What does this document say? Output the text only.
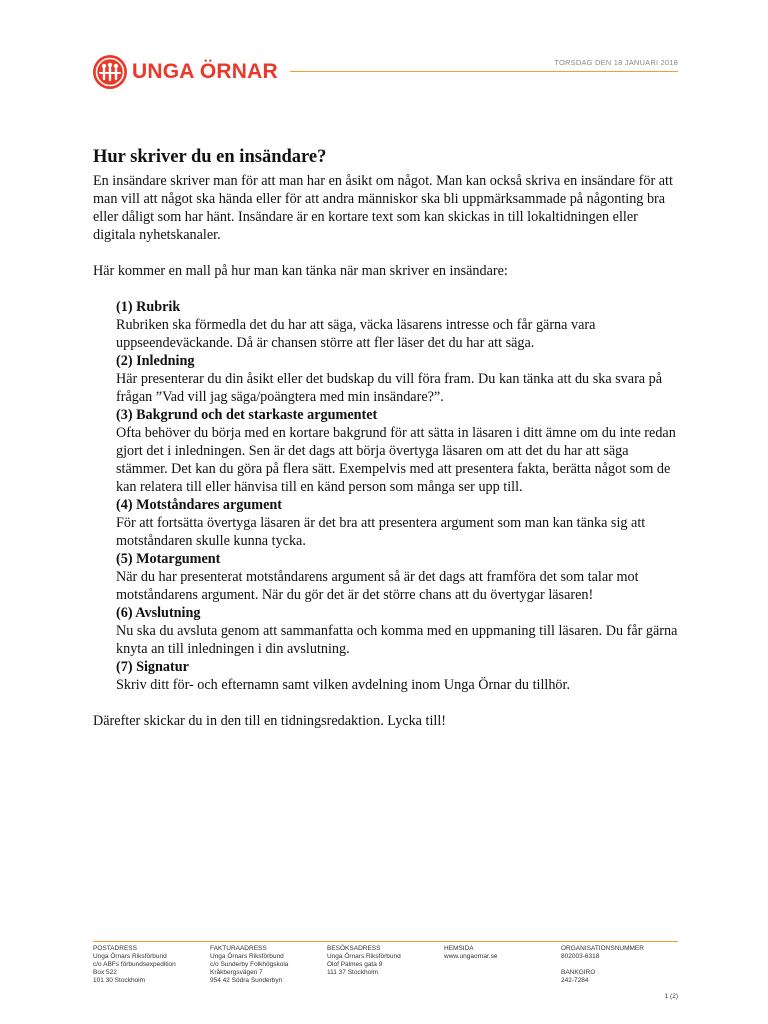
UNGA ÖRNAR	TORSDAG DEN 18 JANUARI 2018
Hur skriver du en insändare?

En insändare skriver man för att man har en åsikt om något. Man kan också skriva en insändare för att man vill att något ska hända eller för att andra människor ska bli uppmärksammade på någonting bra eller dåligt som har hänt. Insändare är en kortare text som kan skickas in till lokaltidningen eller digitala nyhetskanaler.

Här kommer en mall på hur man kan tänka när man skriver en insändare:

(1) Rubrik
Rubriken ska förmedla det du har att säga, väcka läsarens intresse och får gärna vara uppseendeväckande. Då är chansen större att fler läser det du har att säga.
(2) Inledning
Här presenterar du din åsikt eller det budskap du vill föra fram. Du kan tänka att du ska svara på frågan ”Vad vill jag säga/poängtera med min insändare?”.
(3) Bakgrund och det starkaste argumentet
Ofta behöver du börja med en kortare bakgrund för att sätta in läsaren i ditt ämne om du inte redan gjort det i inledningen. Sen är det dags att börja övertyga läsaren om att det du har att säga stämmer. Det kan du göra på flera sätt. Exempelvis med att presentera fakta, berätta något som de kan relatera till eller hänvisa till en känd person som många ser upp till.
(4) Motståndares argument
För att fortsätta övertyga läsaren är det bra att presentera argument som man kan tänka sig att motståndaren skulle kunna tycka.
(5) Motargument
När du har presenterat motståndarens argument så är det dags att framföra det som talar mot motståndarens argument. När du gör det är det större chans att du övertygar läsaren!
(6) Avslutning
Nu ska du avsluta genom att sammanfatta och komma med en uppmaning till läsaren. Du får gärna knyta an till inledningen i din avslutning.
(7) Signatur
Skriv ditt för- och efternamn samt vilken avdelning inom Unga Örnar du tillhör.

Därefter skickar du in den till en tidningsredaktion. Lycka till!

POSTADRESS
Unga Örnars Riksförbund
c/o ABFs förbundsexpedition
Box 522
101 30 Stockholm
FAKTURAADRESS
Unga Örnars Riksförbund
c/o Sunderby Folkhögskola
Kråkbergsvägen 7
954 42 Södra Sunderbyn
BESÖKSADRESS
Unga Örnars Riksförbund
Olof Palmes gata 9
111 37 Stockholm
HEMSIDA
www.ungaornar.se
ORGANISATIONSNUMMER
802003-6318
BANKGIRO
242-7284
1 (2)
